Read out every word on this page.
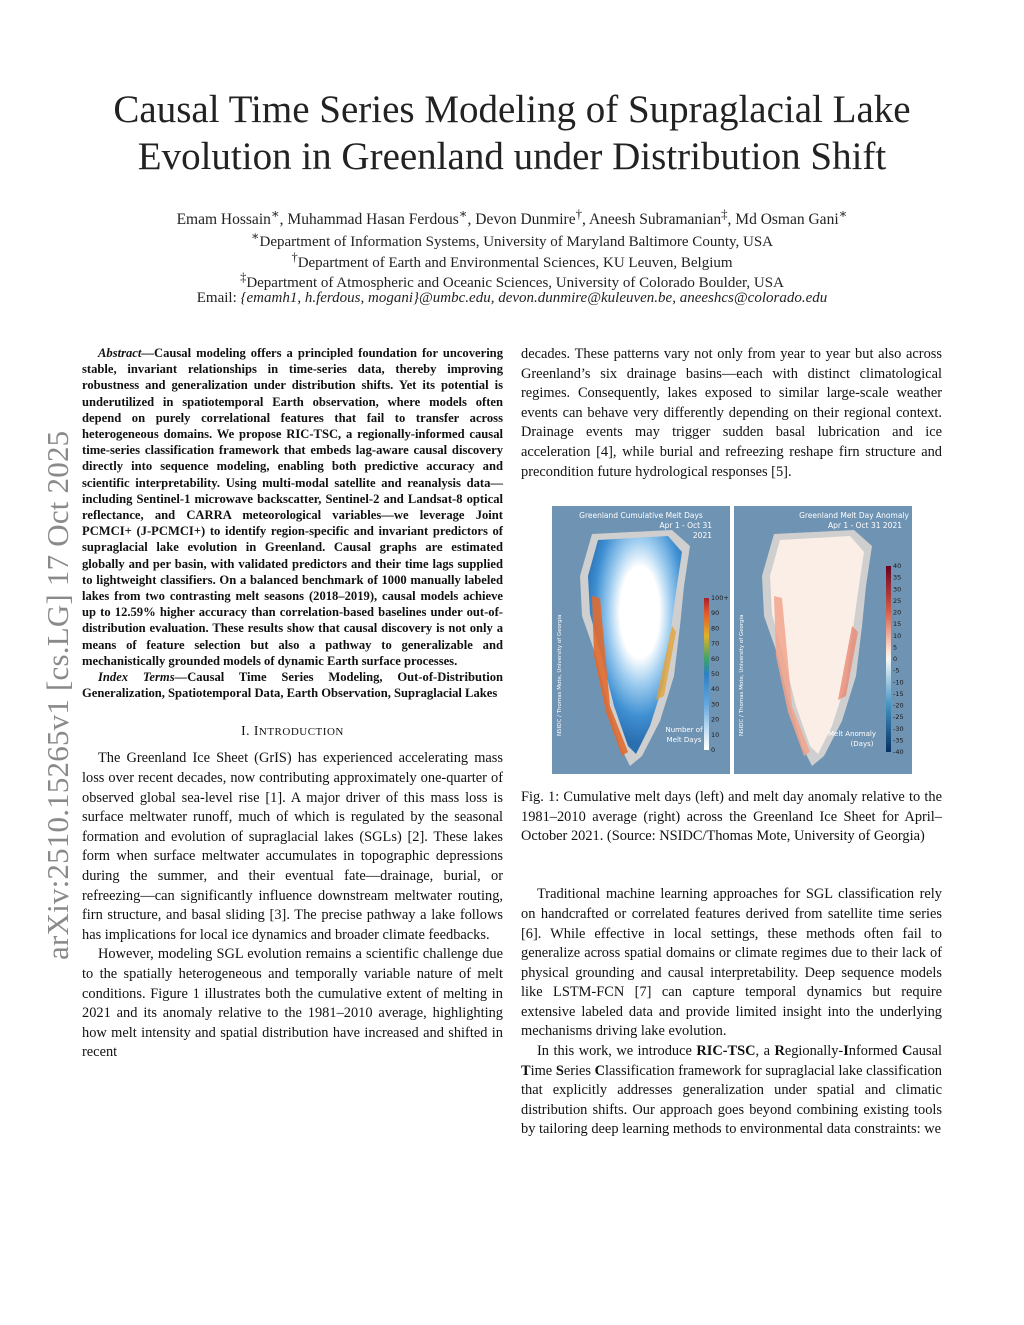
arXiv:2510.15265v1 [cs.LG] 17 Oct 2025
Causal Time Series Modeling of Supraglacial Lake
Evolution in Greenland under Distribution Shift
Emam Hossain∗, Muhammad Hasan Ferdous∗, Devon Dunmire†, Aneesh Subramanian‡, Md Osman Gani∗
∗Department of Information Systems, University of Maryland Baltimore County, USA
†Department of Earth and Environmental Sciences, KU Leuven, Belgium
‡Department of Atmospheric and Oceanic Sciences, University of Colorado Boulder, USA
Email: {emamh1, h.ferdous, mogani}@umbc.edu, devon.dunmire@kuleuven.be, aneeshcs@colorado.edu

Abstract—Causal modeling offers a principled foundation for uncovering stable, invariant relationships in time-series data, thereby improving robustness and generalization under distribution shifts. Yet its potential is underutilized in spatiotemporal Earth observation, where models often depend on purely correlational features that fail to transfer across heterogeneous domains. We propose RIC-TSC, a regionally-informed causal time-series classification framework that embeds lag-aware causal discovery directly into sequence modeling, enabling both predictive accuracy and scientific interpretability. Using multi-modal satellite and reanalysis data—including Sentinel-1 microwave backscatter, Sentinel-2 and Landsat-8 optical reflectance, and CARRA meteorological variables—we leverage Joint PCMCI+ (J-PCMCI+) to identify region-specific and invariant predictors of supraglacial lake evolution in Greenland. Causal graphs are estimated globally and per basin, with validated predictors and their time lags supplied to lightweight classifiers. On a balanced benchmark of 1000 manually labeled lakes from two contrasting melt seasons (2018–2019), causal models achieve up to 12.59% higher accuracy than correlation-based baselines under out-of-distribution evaluation. These results show that causal discovery is not only a means of feature selection but also a pathway to generalizable and mechanistically grounded models of dynamic Earth surface processes.

Index Terms—Causal Time Series Modeling, Out-of-Distribution Generalization, Spatiotemporal Data, Earth Observation, Supraglacial Lakes

I. INTRODUCTION

The Greenland Ice Sheet (GrIS) has experienced accelerating mass loss over recent decades, now contributing approximately one-quarter of observed global sea-level rise [1]. A major driver of this mass loss is surface meltwater runoff, much of which is regulated by the seasonal formation and evolution of supraglacial lakes (SGLs) [2]. These lakes form when surface meltwater accumulates in topographic depressions during the summer, and their eventual fate—drainage, burial, or refreezing—can significantly influence downstream meltwater routing, firn structure, and basal sliding [3]. The precise pathway a lake follows has implications for local ice dynamics and broader climate feedbacks.

However, modeling SGL evolution remains a scientific challenge due to the spatially heterogeneous and temporally variable nature of melt conditions. Figure 1 illustrates both the cumulative extent of melting in 2021 and its anomaly relative to the 1981–2010 average, highlighting how melt intensity and spatial distribution have increased and shifted in recent

decades. These patterns vary not only from year to year but also across Greenland’s six drainage basins—each with distinct climatological regimes. Consequently, lakes exposed to similar large-scale weather events can behave very differently depending on their regional context. Drainage events may trigger sudden basal lubrication and ice acceleration [4], while burial and refreezing reshape firn structure and precondition future hydrological responses [5].

Greenland Cumulative Melt Days
Apr 1 - Oct 31
2021
100+
90
80
70
60
50
40
30
20
10
0
Number of
Melt Days
NSIDC / Thomas Mote, University of Georgia
Greenland Melt Day Anomaly
Apr 1 - Oct 31 2021
40
35
30
25
20
15
10
5
0
-5
-10
-15
-20
-25
-30
-35
-40
Melt Anomaly
(Days)
NSIDC / Thomas Mote, University of Georgia

Fig. 1: Cumulative melt days (left) and melt day anomaly relative to the 1981–2010 average (right) across the Greenland Ice Sheet for April–October 2021. (Source: NSIDC/Thomas Mote, University of Georgia)

Traditional machine learning approaches for SGL classification rely on handcrafted or correlated features derived from satellite time series [6]. While effective in local settings, these methods often fail to generalize across spatial domains or climate regimes due to their lack of physical grounding and causal interpretability. Deep sequence models like LSTM-FCN [7] can capture temporal dynamics but require extensive labeled data and provide limited insight into the underlying mechanisms driving lake evolution.

In this work, we introduce RIC-TSC, a Regionally-Informed Causal Time Series Classification framework for supraglacial lake classification that explicitly addresses generalization under spatial and climatic distribution shifts. Our approach goes beyond combining existing tools by tailoring deep learning methods to environmental data constraints: we
